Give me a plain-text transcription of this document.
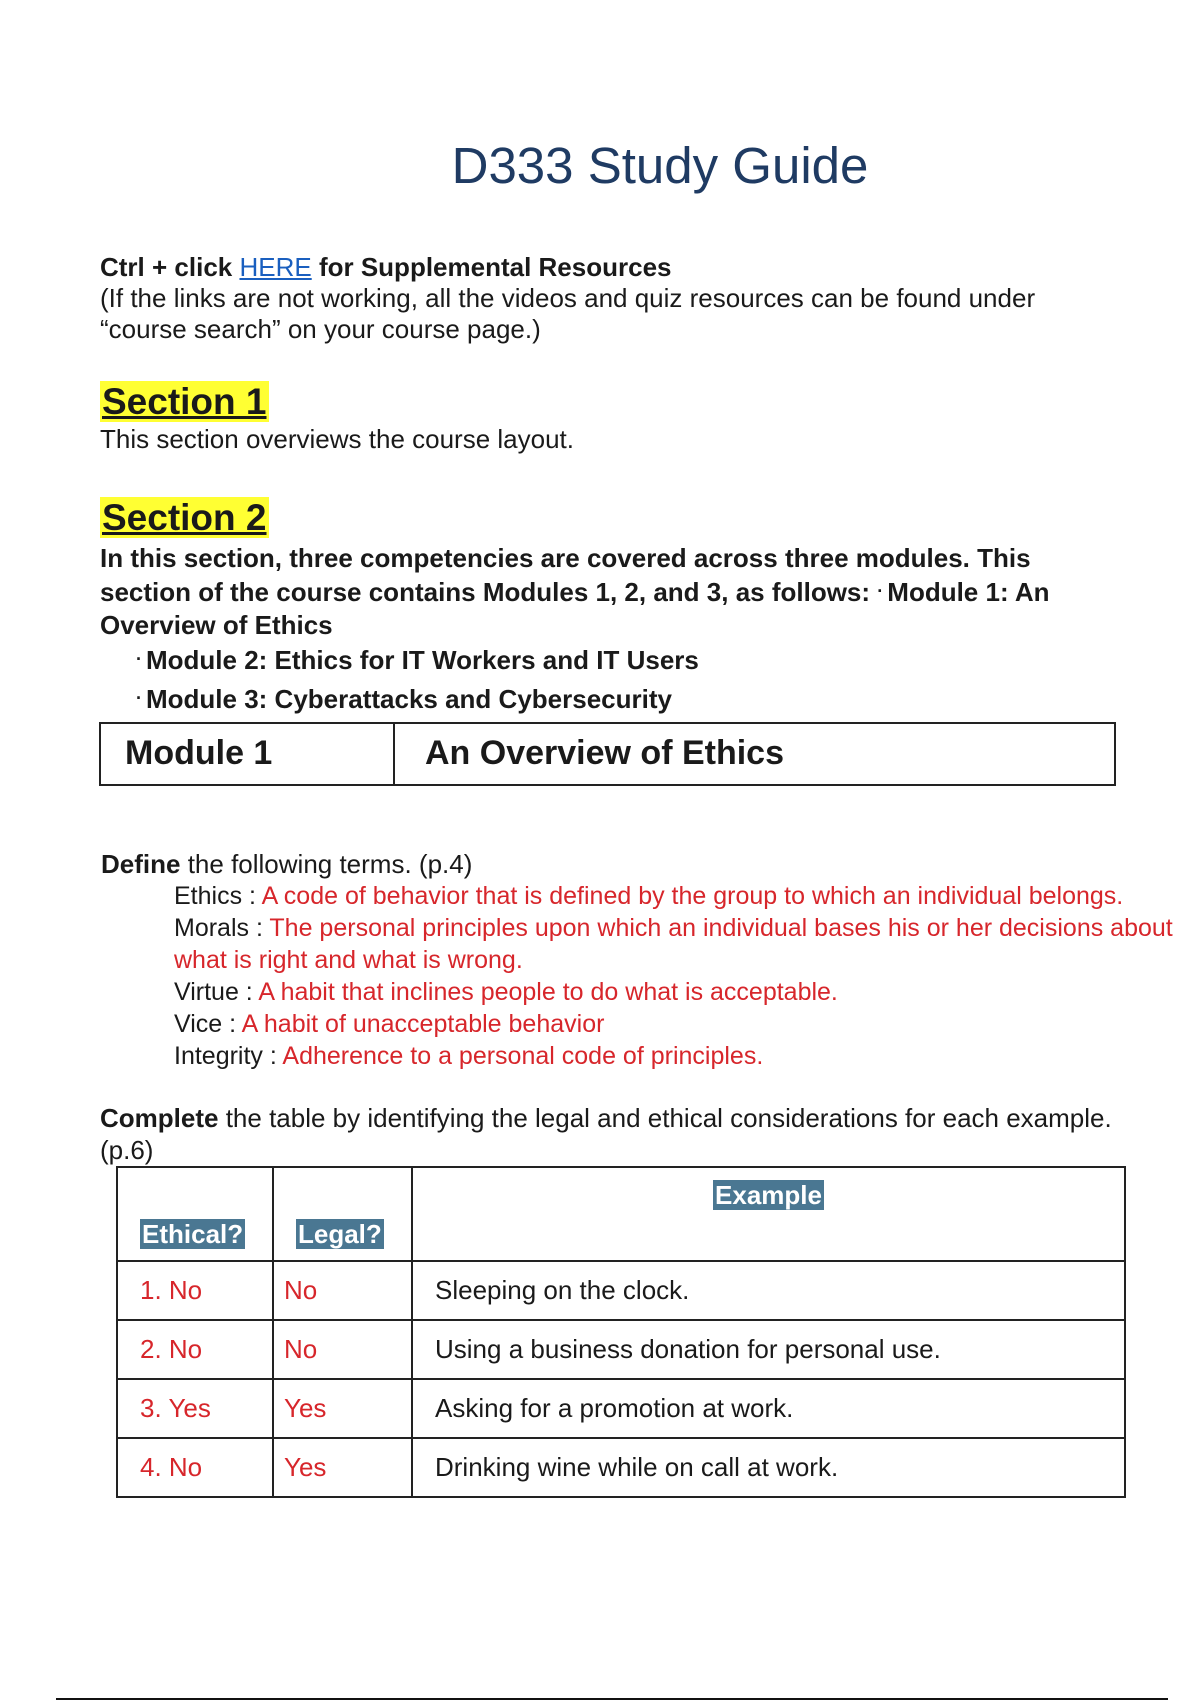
D333 Study Guide
Ctrl + click HERE for Supplemental Resources
(If the links are not working, all the videos and quiz resources can be found under “course search” on your course page.)
Section 1
This section overviews the course layout.
Section 2
In this section, three competencies are covered across three modules. This section of the course contains Modules 1, 2, and 3, as follows: · Module 1: An Overview of Ethics
· Module 2: Ethics for IT Workers and IT Users
· Module 3: Cyberattacks and Cybersecurity
Module 1	An Overview of Ethics
Define the following terms. (p.4)

Ethics : A code of behavior that is defined by the group to which an individual belongs.

Morals : The personal principles upon which an individual bases his or her decisions about what is right and what is wrong.

Virtue : A habit that inclines people to do what is acceptable.

Vice : A habit of unacceptable behavior

Integrity : Adherence to a personal code of principles.

Complete the table by identifying the legal and ethical considerations for each example. (p.6)
Ethical?	Legal?	Example
1. No	No	Sleeping on the clock.
2. No	No	Using a business donation for personal use.
3. Yes	Yes	Asking for a promotion at work.
4. No	Yes	Drinking wine while on call at work.
